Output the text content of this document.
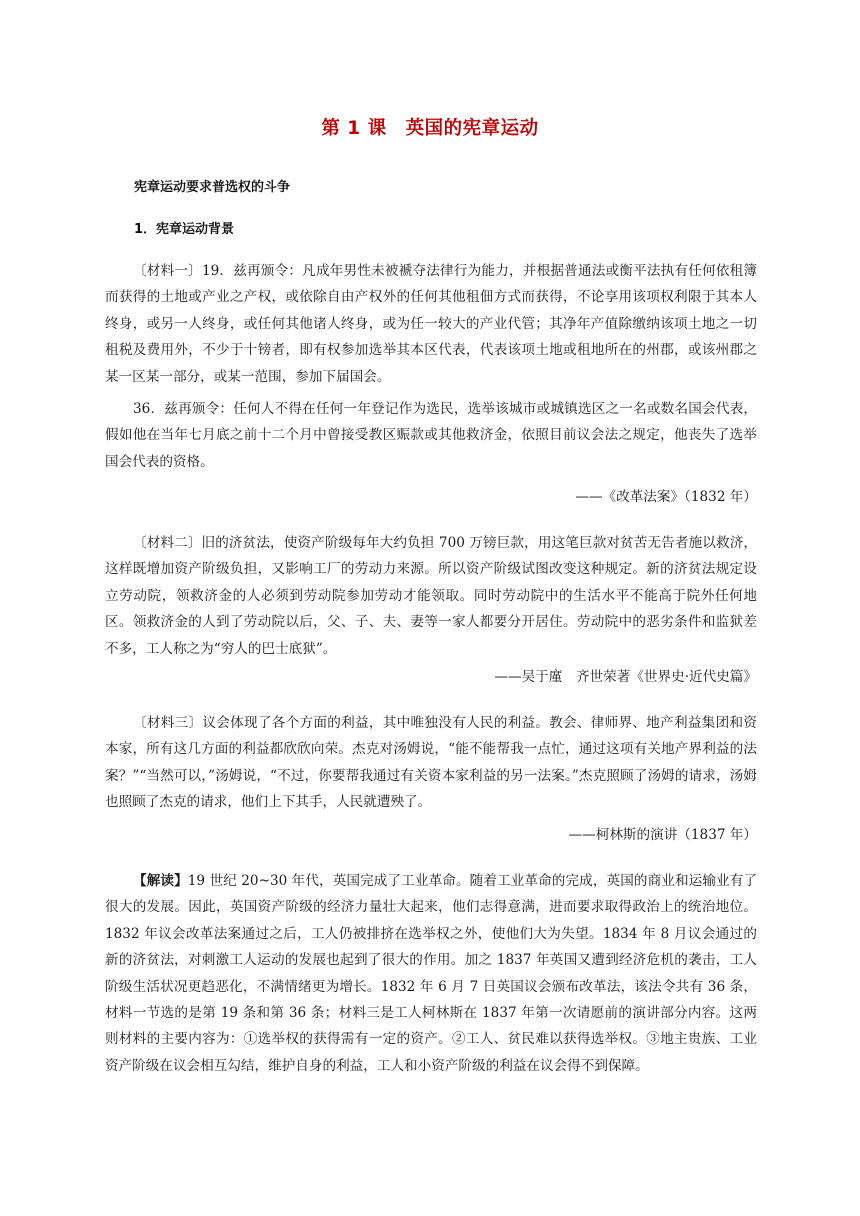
第 1 课　英国的宪章运动
宪章运动要求普选权的斗争
1．宪章运动背景

〔材料一〕19．兹再颁令：凡成年男性未被褫夺法律行为能力，并根据普通法或衡平法执有任何依租簿而获得的土地或产业之产权，或依除自由产权外的任何其他租佃方式而获得，不论享用该项权利限于其本人终身，或另一人终身，或任何其他诸人终身，或为任一较大的产业代管；其净年产值除缴纳该项土地之一切租税及费用外，不少于十镑者，即有权参加选举其本区代表，代表该项土地或租地所在的州郡，或该州郡之某一区某一部分，或某一范围，参加下届国会。

36．兹再颁令：任何人不得在任何一年登记作为选民，选举该城市或城镇选区之一名或数名国会代表，假如他在当年七月底之前十二个月中曾接受教区赈款或其他救济金，依照目前议会法之规定，他丧失了选举国会代表的资格。

——《改革法案》（1832 年）

〔材料二〕旧的济贫法，使资产阶级每年大约负担 700 万镑巨款，用这笔巨款对贫苦无告者施以救济，这样既增加资产阶级负担，又影响工厂的劳动力来源。所以资产阶级试图改变这种规定。新的济贫法规定设立劳动院，领救济金的人必须到劳动院参加劳动才能领取。同时劳动院中的生活水平不能高于院外任何地区。领救济金的人到了劳动院以后，父、子、夫、妻等一家人都要分开居住。劳动院中的恶劣条件和监狱差不多，工人称之为“穷人的巴士底狱”。

——吴于廑　齐世荣著《世界史·近代史篇》

〔材料三〕议会体现了各个方面的利益，其中唯独没有人民的利益。教会、律师界、地产利益集团和资本家，所有这几方面的利益都欣欣向荣。杰克对汤姆说，“能不能帮我一点忙，通过这项有关地产界利益的法案？”“当然可以，”汤姆说，“不过，你要帮我通过有关资本家利益的另一法案。”杰克照顾了汤姆的请求，汤姆也照顾了杰克的请求，他们上下其手，人民就遭殃了。

——柯林斯的演讲（1837 年）

【解读】19 世纪 20~30 年代，英国完成了工业革命。随着工业革命的完成，英国的商业和运输业有了很大的发展。因此，英国资产阶级的经济力量壮大起来，他们志得意满，进而要求取得政治上的统治地位。1832 年议会改革法案通过之后，工人仍被排挤在选举权之外，使他们大为失望。1834 年 8 月议会通过的新的济贫法，对刺激工人运动的发展也起到了很大的作用。加之 1837 年英国又遭到经济危机的袭击，工人阶级生活状况更趋恶化，不满情绪更为增长。1832 年 6 月 7 日英国议会颁布改革法，该法令共有 36 条，材料一节选的是第 19 条和第 36 条；材料三是工人柯林斯在 1837 年第一次请愿前的演讲部分内容。这两则材料的主要内容为：①选举权的获得需有一定的资产。②工人、贫民难以获得选举权。③地主贵族、工业资产阶级在议会相互勾结，维护自身的利益，工人和小资产阶级的利益在议会得不到保障。
